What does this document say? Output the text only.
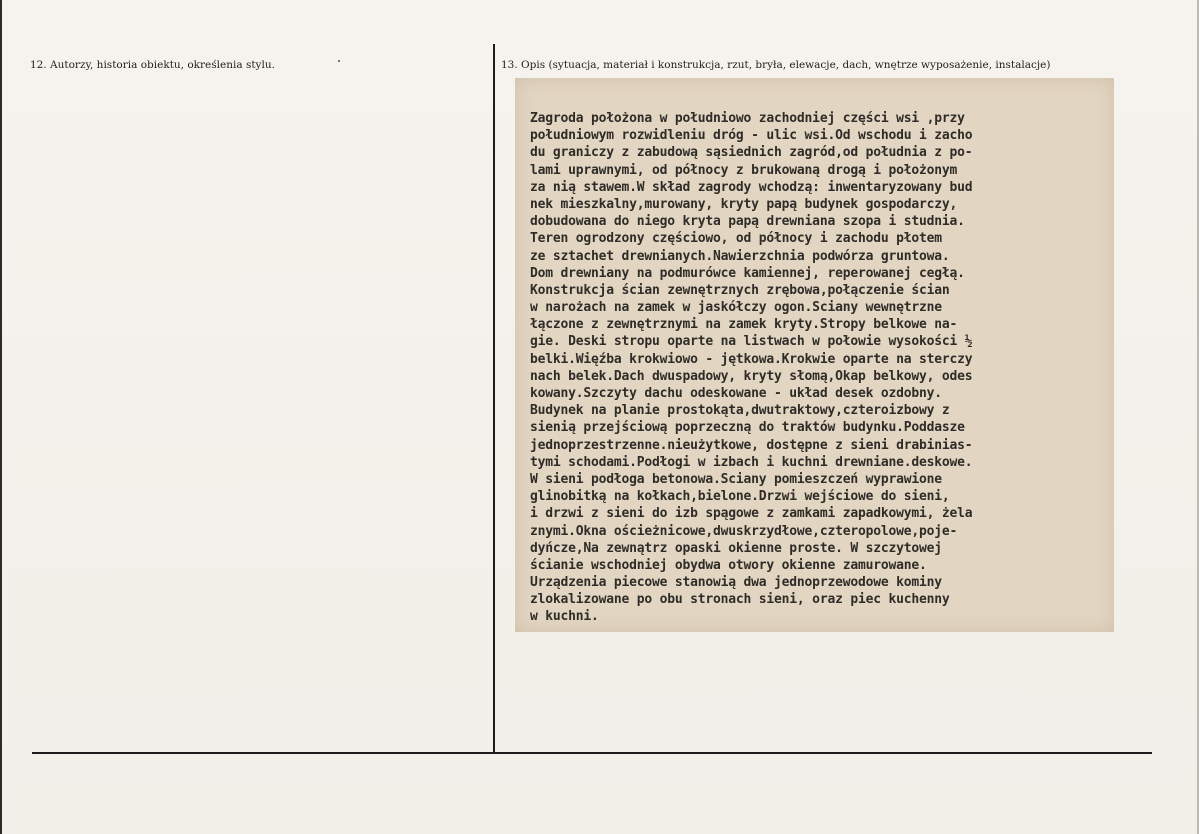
12. Autorzy, historia obiektu, określenia stylu.	13. Opis (sytuacja, materiał i konstrukcja, rzut, bryła, elewacje, dach, wnętrze wyposażenie, instalacje)
Zagroda położona w południowo zachodniej części wsi ,przy
południowym rozwidleniu dróg - ulic wsi.Od wschodu i zacho
du graniczy z zabudową sąsiednich zagród,od południa z po-
lami uprawnymi, od północy z brukowaną drogą i położonym
za nią stawem.W skład zagrody wchodzą: inwentaryzowany bud
nek mieszkalny,murowany, kryty papą budynek gospodarczy,
dobudowana do niego kryta papą drewniana szopa i studnia.
Teren ogrodzony częściowo, od północy i zachodu płotem
ze sztachet drewnianych.Nawierzchnia podwórza gruntowa.
Dom drewniany na podmurówce kamiennej, reperowanej cegłą.
Konstrukcja ścian zewnętrznych zrębowa,połączenie ścian
w narożach na zamek w jaskółczy ogon.Sciany wewnętrzne
łączone z zewnętrznymi na zamek kryty.Stropy belkowe na-
gie. Deski stropu oparte na listwach w połowie wysokości ½
belki.Więźba krokwiowo - jętkowa.Krokwie oparte na sterczy
nach belek.Dach dwuspadowy, kryty słomą,Okap belkowy, odes
kowany.Szczyty dachu odeskowane - układ desek ozdobny.
Budynek na planie prostokąta,dwutraktowy,czteroizbowy z
sienią przejściową poprzeczną do traktów budynku.Poddasze
jednoprzestrzenne.nieużytkowe, dostępne z sieni drabinias-
tymi schodami.Podłogi w izbach i kuchni drewniane.deskowe.
W sieni podłoga betonowa.Sciany pomieszczeń wyprawione
glinobitką na kołkach,bielone.Drzwi wejściowe do sieni,
i drzwi z sieni do izb spągowe z zamkami zapadkowymi, żela
znymi.Okna ościeżnicowe,dwuskrzydłowe,czteropolowe,poje-
dyńcze,Na zewnątrz opaski okienne proste. W szczytowej
ścianie wschodniej obydwa otwory okienne zamurowane.
Urządzenia piecowe stanowią dwa jednoprzewodowe kominy
zlokalizowane po obu stronach sieni, oraz piec kuchenny
w kuchni.
